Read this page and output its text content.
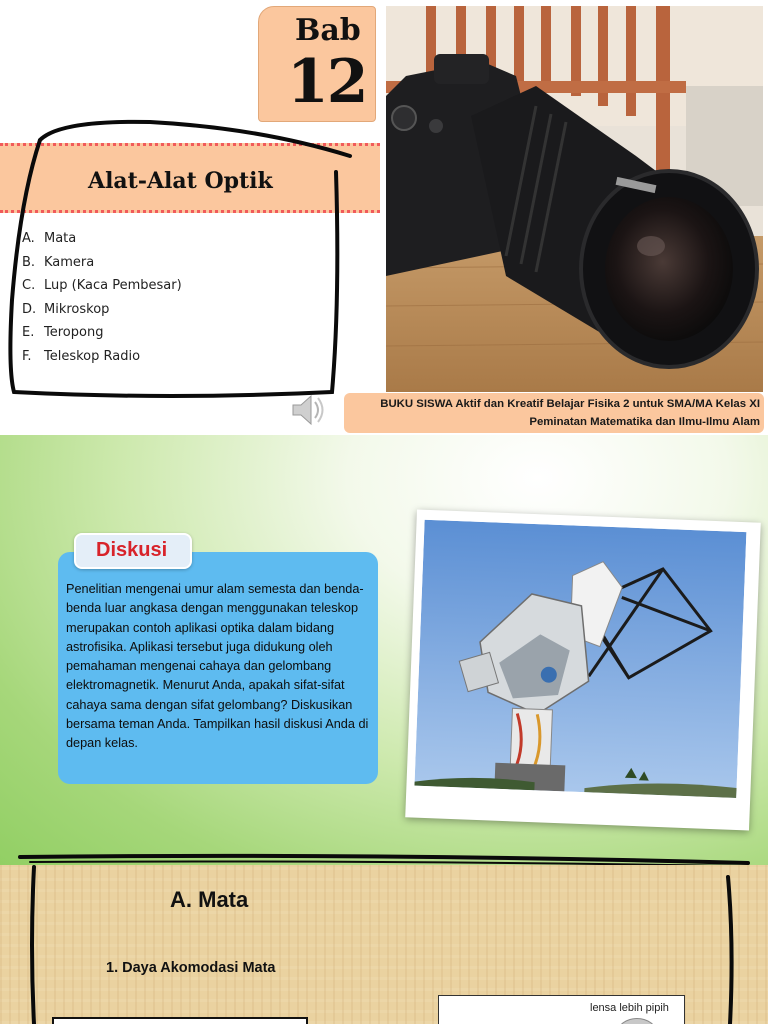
Bab
12
Alat-Alat Optik
A. Mata
B. Kamera
C. Lup (Kaca Pembesar)
D. Mikroskop
E. Teropong
F. Teleskop Radio
BUKU SISWA Aktif dan Kreatif Belajar Fisika 2 untuk SMA/MA Kelas XI
Peminatan Matematika dan Ilmu-Ilmu Alam

Penelitian mengenai umur alam semesta dan benda-benda luar angkasa dengan menggunakan teleskop merupakan contoh aplikasi optika dalam bidang astrofisika. Aplikasi tersebut juga didukung oleh pemahaman mengenai cahaya dan gelombang elektromagnetik. Menurut Anda, apakah sifat-sifat cahaya sama dengan sifat gelombang? Diskusikan bersama teman Anda. Tampilkan hasil diskusi Anda di depan kelas.

Diskusi
A. Mata
1. Daya Akomodasi Mata
lensa lebih pipih
